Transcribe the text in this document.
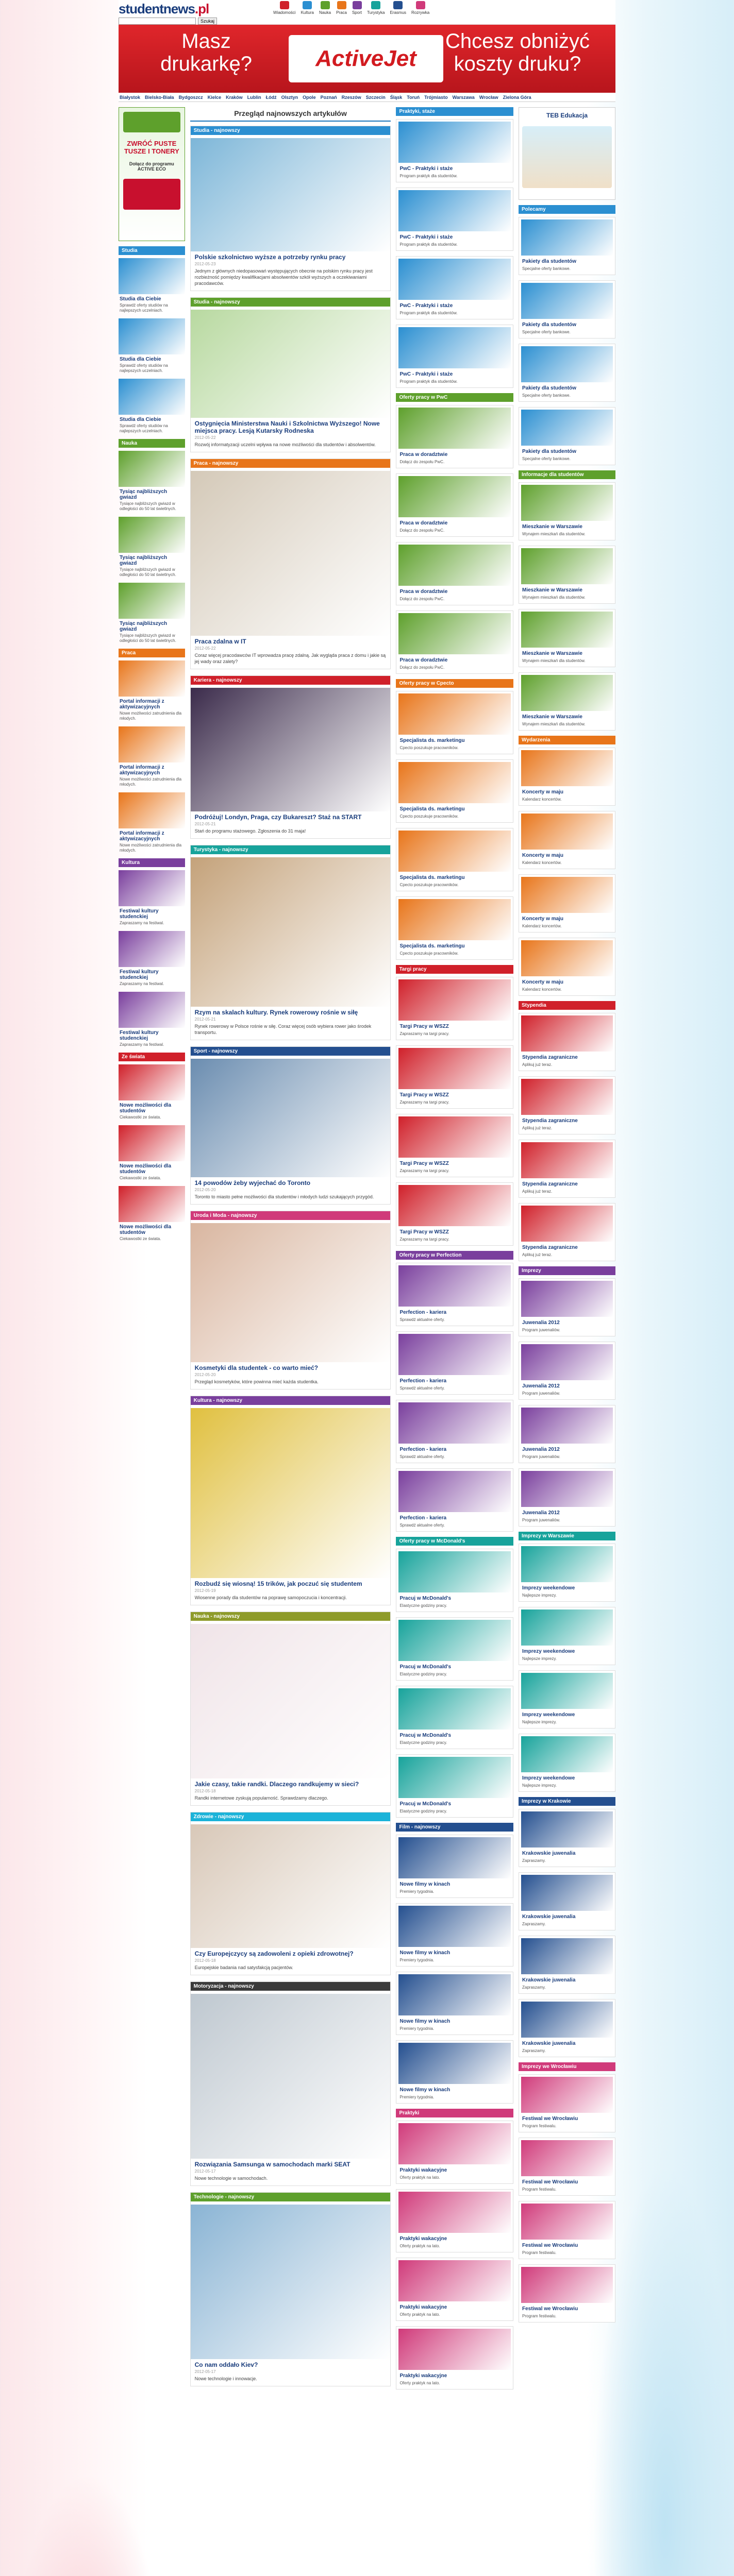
studentnews.pl
Szukaj
Wiadomości Kultura Nauka Praca Sport Turystyka Erasmus Rozrywka
Masz drukarkę?	ActiveJet
Chcesz obniżyć koszty druku?
Białystok Bielsko-Biała Bydgoszcz Kielce Kraków Lublin Łódź Olsztyn Opole Poznań Rzeszów Szczecin Śląsk Toruń Trójmiasto Warszawa Wrocław Zielona Góra
ZWRÓĆ PUSTE TUSZE I TONERY
Dołącz do programu ACTIVE ECO
Studia
Studia dla Ciebie

Sprawdź oferty studiów na najlepszych uczelniach.

Studia dla Ciebie

Sprawdź oferty studiów na najlepszych uczelniach.

Studia dla Ciebie

Sprawdź oferty studiów na najlepszych uczelniach.

Nauka
Tysiąc najbliższych gwiazd

Tysiące najbliższych gwiazd w odległości do 50 lat świetlnych.

Tysiąc najbliższych gwiazd

Tysiące najbliższych gwiazd w odległości do 50 lat świetlnych.

Tysiąc najbliższych gwiazd

Tysiące najbliższych gwiazd w odległości do 50 lat świetlnych.

Praca
Portal informacji z aktywizacyjnych

Nowe możliwości zatrudnienia dla młodych.

Portal informacji z aktywizacyjnych

Nowe możliwości zatrudnienia dla młodych.

Portal informacji z aktywizacyjnych

Nowe możliwości zatrudnienia dla młodych.

Kultura
Festiwal kultury studenckiej

Zapraszamy na festiwal.

Festiwal kultury studenckiej

Zapraszamy na festiwal.

Festiwal kultury studenckiej

Zapraszamy na festiwal.

Ze świata
Nowe możliwości dla studentów

Ciekawostki ze świata.

Nowe możliwości dla studentów

Ciekawostki ze świata.

Nowe możliwości dla studentów

Ciekawostki ze świata.

Przegląd najnowszych artykułów
Studia - najnowszy
Polskie szkolnictwo wyższe a potrzeby rynku pracy
2012-05-23

Jednym z głównych niedopasowań występujących obecnie na polskim rynku pracy jest rozbieżność pomiędzy kwalifikacjami absolwentów szkół wyższych a oczekiwaniami pracodawców.

Studia - najnowszy
Ostygnięcia Ministerstwa Nauki i Szkolnictwa Wyższego! Nowe miejsca pracy. Lesją Kutarsky Rodneska
2012-05-22

Rozwój informatyzacji uczelni wpływa na nowe możliwości dla studentów i absolwentów.

Praca - najnowszy
Praca zdalna w IT
2012-05-22

Coraz więcej pracodawców IT wprowadza pracę zdalną. Jak wygląda praca z domu i jakie są jej wady oraz zalety?

Kariera - najnowszy
Podróżuj! Londyn, Praga, czy Bukareszt? Staż na START
2012-05-21

Stań do programu stażowego. Zgłoszenia do 31 maja!

Turystyka - najnowszy
Rzym na skalach kultury. Rynek rowerowy rośnie w siłę
2012-05-21

Rynek rowerowy w Polsce rośnie w siłę. Coraz więcej osób wybiera rower jako środek transportu.

Sport - najnowszy
14 powodów żeby wyjechać do Toronto
2012-05-20

Toronto to miasto pełne możliwości dla studentów i młodych ludzi szukających przygód.

Uroda i Moda - najnowszy
Kosmetyki dla studentek - co warto mieć?
2012-05-20

Przegląd kosmetyków, które powinna mieć każda studentka.

Kultura - najnowszy
Rozbudź się wiosną! 15 trików, jak poczuć się studentem
2012-05-19

Wiosenne porady dla studentów na poprawę samopoczucia i koncentracji.

Nauka - najnowszy
Jakie czasy, takie randki. Dlaczego randkujemy w sieci?
2012-05-18

Randki internetowe zyskują popularność. Sprawdzamy dlaczego.

Zdrowie - najnowszy
Czy Europejczycy są zadowoleni z opieki zdrowotnej?
2012-05-18

Europejskie badania nad satysfakcją pacjentów.

Motoryzacja - najnowszy
Rozwiązania Samsunga w samochodach marki SEAT
2012-05-17

Nowe technologie w samochodach.

Technologie - najnowszy
Co nam oddało Kiev?
2012-05-17

Nowe technologie i innowacje.

Praktyki, staże
PwC - Praktyki i staże

Program praktyk dla studentów.

PwC - Praktyki i staże

Program praktyk dla studentów.

PwC - Praktyki i staże

Program praktyk dla studentów.

PwC - Praktyki i staże

Program praktyk dla studentów.

Oferty pracy w PwC
Praca w doradztwie

Dołącz do zespołu PwC.

Praca w doradztwie

Dołącz do zespołu PwC.

Praca w doradztwie

Dołącz do zespołu PwC.

Praca w doradztwie

Dołącz do zespołu PwC.

Oferty pracy w Cpecto
Specjalista ds. marketingu

Cpecto poszukuje pracowników.

Specjalista ds. marketingu

Cpecto poszukuje pracowników.

Specjalista ds. marketingu

Cpecto poszukuje pracowników.

Specjalista ds. marketingu

Cpecto poszukuje pracowników.

Targi pracy
Targi Pracy w WSZZ

Zapraszamy na targi pracy.

Targi Pracy w WSZZ

Zapraszamy na targi pracy.

Targi Pracy w WSZZ

Zapraszamy na targi pracy.

Targi Pracy w WSZZ

Zapraszamy na targi pracy.

Oferty pracy w Perfection
Perfection - kariera

Sprawdź aktualne oferty.

Perfection - kariera

Sprawdź aktualne oferty.

Perfection - kariera

Sprawdź aktualne oferty.

Perfection - kariera

Sprawdź aktualne oferty.

Oferty pracy w McDonald's
Pracuj w McDonald's

Elastyczne godziny pracy.

Pracuj w McDonald's

Elastyczne godziny pracy.

Pracuj w McDonald's

Elastyczne godziny pracy.

Pracuj w McDonald's

Elastyczne godziny pracy.

Film - najnowszy
Nowe filmy w kinach

Premiery tygodnia.

Nowe filmy w kinach

Premiery tygodnia.

Nowe filmy w kinach

Premiery tygodnia.

Nowe filmy w kinach

Premiery tygodnia.

Praktyki
Praktyki wakacyjne

Oferty praktyk na lato.

Praktyki wakacyjne

Oferty praktyk na lato.

Praktyki wakacyjne

Oferty praktyk na lato.

Praktyki wakacyjne

Oferty praktyk na lato.

TEB Edukacja
Polecamy
Pakiety dla studentów

Specjalne oferty bankowe.

Pakiety dla studentów

Specjalne oferty bankowe.

Pakiety dla studentów

Specjalne oferty bankowe.

Pakiety dla studentów

Specjalne oferty bankowe.

Informacje dla studentów
Mieszkanie w Warszawie

Wynajem mieszkań dla studentów.

Mieszkanie w Warszawie

Wynajem mieszkań dla studentów.

Mieszkanie w Warszawie

Wynajem mieszkań dla studentów.

Mieszkanie w Warszawie

Wynajem mieszkań dla studentów.

Wydarzenia
Koncerty w maju

Kalendarz koncertów.

Koncerty w maju

Kalendarz koncertów.

Koncerty w maju

Kalendarz koncertów.

Koncerty w maju

Kalendarz koncertów.

Stypendia
Stypendia zagraniczne

Aplikuj już teraz.

Stypendia zagraniczne

Aplikuj już teraz.

Stypendia zagraniczne

Aplikuj już teraz.

Stypendia zagraniczne

Aplikuj już teraz.

Imprezy
Juwenalia 2012

Program juwenaliów.

Juwenalia 2012

Program juwenaliów.

Juwenalia 2012

Program juwenaliów.

Juwenalia 2012

Program juwenaliów.

Imprezy w Warszawie
Imprezy weekendowe

Najlepsze imprezy.

Imprezy weekendowe

Najlepsze imprezy.

Imprezy weekendowe

Najlepsze imprezy.

Imprezy weekendowe

Najlepsze imprezy.

Imprezy w Krakowie
Krakowskie juwenalia

Zapraszamy.

Krakowskie juwenalia

Zapraszamy.

Krakowskie juwenalia

Zapraszamy.

Krakowskie juwenalia

Zapraszamy.

Imprezy we Wrocławiu
Festiwal we Wrocławiu

Program festiwalu.

Festiwal we Wrocławiu

Program festiwalu.

Festiwal we Wrocławiu

Program festiwalu.

Festiwal we Wrocławiu

Program festiwalu.
